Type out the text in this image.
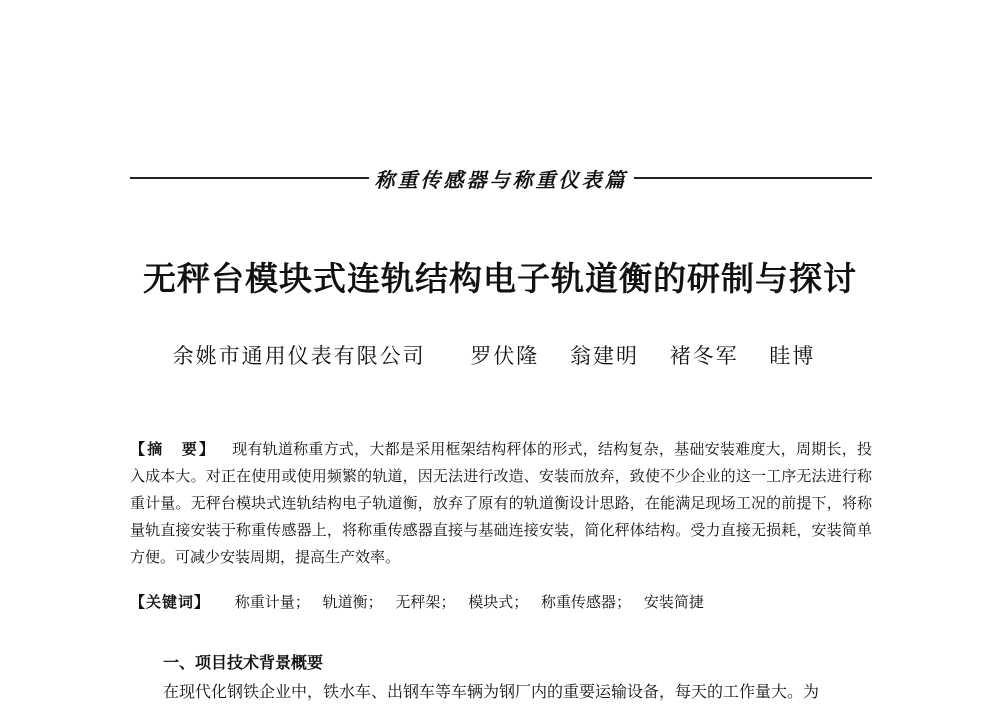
称重传感器与称重仪表篇
无秤台模块式连轨结构电子轨道衡的研制与探讨
余姚市通用仪表有限公司 罗伏隆 翁建明 褚冬军 眭博
【摘　要】 现有轨道称重方式，大都是采用框架结构秤体的形式，结构复杂，基础安装难度大，周期长，投入成本大。对正在使用或使用频繁的轨道，因无法进行改造、安装而放弃，致使不少企业的这一工序无法进行称重计量。无秤台模块式连轨结构电子轨道衡，放弃了原有的轨道衡设计思路，在能满足现场工况的前提下，将称量轨直接安装于称重传感器上，将称重传感器直接与基础连接安装，简化秤体结构。受力直接无损耗，安装简单方便。可减少安装周期，提高生产效率。
【关键词】 称重计量； 轨道衡； 无秤架； 模块式； 称重传感器； 安装简捷
一、项目技术背景概要
在现代化钢铁企业中，铁水车、出钢车等车辆为钢厂内的重要运输设备，每天的工作量大。为
